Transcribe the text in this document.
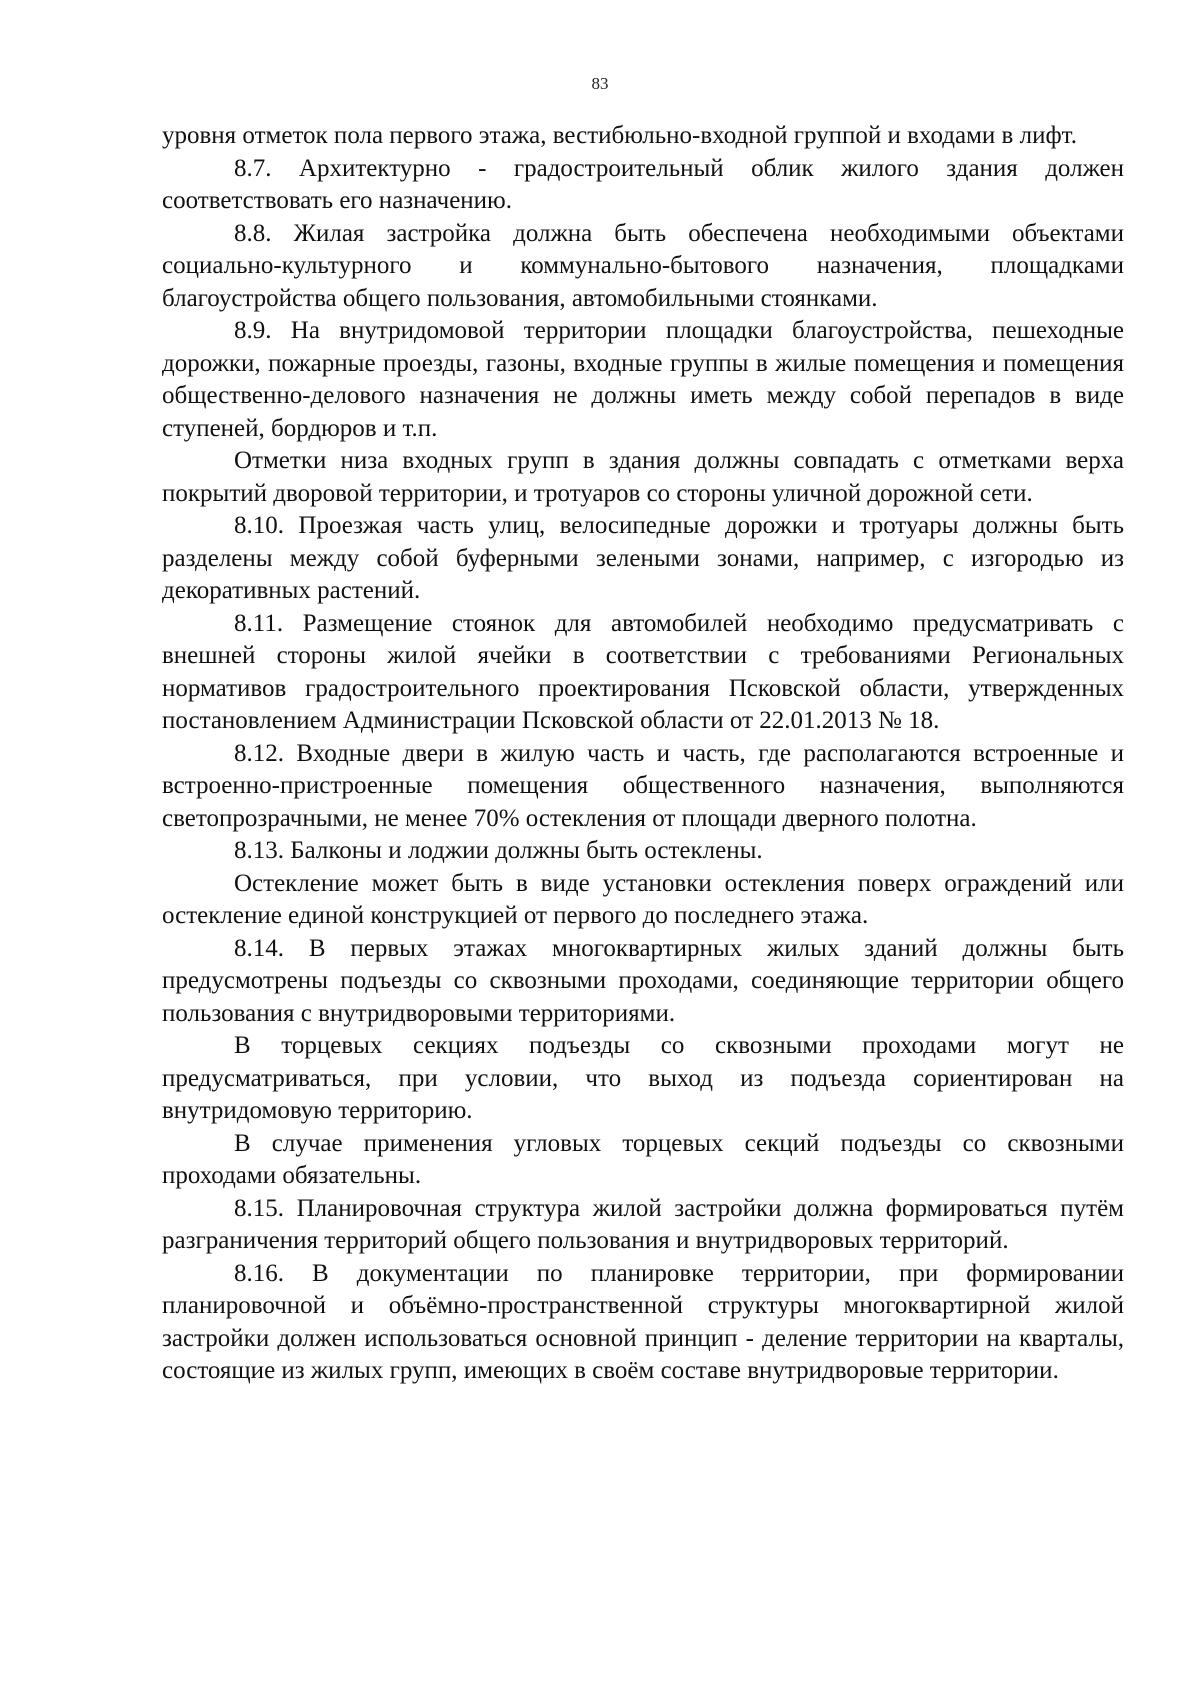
83

уровня отметок пола первого этажа, вестибюльно-входной группой и входами в лифт.

8.7. Архитектурно - градостроительный облик жилого здания должен соответствовать его назначению.

8.8. Жилая застройка должна быть обеспечена необходимыми объектами социально-культурного и коммунально-бытового назначения, площадками благоустройства общего пользования, автомобильными стоянками.

8.9. На внутридомовой территории площадки благоустройства, пешеходные дорожки, пожарные проезды, газоны, входные группы в жилые помещения и помещения общественно-делового назначения не должны иметь между собой перепадов в виде ступеней, бордюров и т.п.

Отметки низа входных групп в здания должны совпадать с отметками верха покрытий дворовой территории, и тротуаров со стороны уличной дорожной сети.

8.10. Проезжая часть улиц, велосипедные дорожки и тротуары должны быть разделены между собой буферными зелеными зонами, например, с изгородью из декоративных растений.

8.11. Размещение стоянок для автомобилей необходимо предусматривать с внешней стороны жилой ячейки в соответствии с требованиями Региональных нормативов градостроительного проектирования Псковской области, утвержденных постановлением Администрации Псковской области от 22.01.2013 № 18.

8.12. Входные двери в жилую часть и часть, где располагаются встроенные и встроенно-пристроенные помещения общественного назначения, выполняются светопрозрачными, не менее 70% остекления от площади дверного полотна.

8.13. Балконы и лоджии должны быть остеклены.

Остекление может быть в виде установки остекления поверх ограждений или остекление единой конструкцией от первого до последнего этажа.

8.14. В первых этажах многоквартирных жилых зданий должны быть предусмотрены подъезды со сквозными проходами, соединяющие территории общего пользования с внутридворовыми территориями.

В торцевых секциях подъезды со сквозными проходами могут не предусматриваться, при условии, что выход из подъезда сориентирован на внутридомовую территорию.

В случае применения угловых торцевых секций подъезды со сквозными проходами обязательны.

8.15. Планировочная структура жилой застройки должна формироваться путём разграничения территорий общего пользования и внутридворовых территорий.

8.16. В документации по планировке территории, при формировании планировочной и объёмно-пространственной структуры многоквартирной жилой застройки должен использоваться основной принцип - деление территории на кварталы, состоящие из жилых групп, имеющих в своём составе внутридворовые территории.
